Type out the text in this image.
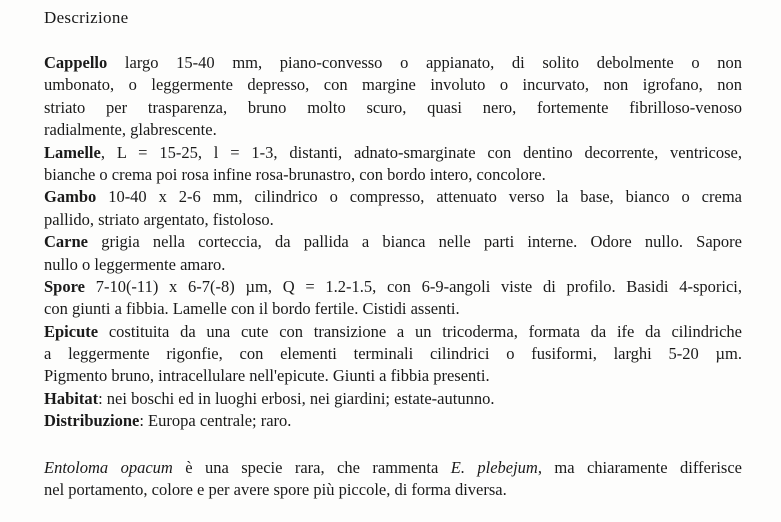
Descrizione

Cappello largo 15-40 mm, piano-convesso o appianato, di solito debolmente o non
umbonato, o leggermente depresso, con margine involuto o incurvato, non igrofano, non
striato per trasparenza, bruno molto scuro, quasi nero, fortemente fibrilloso-venoso
radialmente, glabrescente.

Lamelle, L = 15-25, l = 1-3, distanti, adnato-smarginate con dentino decorrente, ventricose,
bianche o crema poi rosa infine rosa-brunastro, con bordo intero, concolore.

Gambo 10-40 x 2-6 mm, cilindrico o compresso, attenuato verso la base, bianco o crema
pallido, striato argentato, fistoloso.

Carne grigia nella corteccia, da pallida a bianca nelle parti interne. Odore nullo. Sapore
nullo o leggermente amaro.

Spore 7-10(-11) x 6-7(-8) µm, Q = 1.2-1.5, con 6-9-angoli viste di profilo. Basidi 4-sporici,
con giunti a fibbia. Lamelle con il bordo fertile. Cistidi assenti.

Epicute costituita da una cute con transizione a un tricoderma, formata da ife da cilindriche
a leggermente rigonfie, con elementi terminali cilindrici o fusiformi, larghi 5-20 µm.
Pigmento bruno, intracellulare nell'epicute. Giunti a fibbia presenti.

Habitat: nei boschi ed in luoghi erbosi, nei giardini; estate-autunno.

Distribuzione: Europa centrale; raro.

Entoloma opacum è una specie rara, che rammenta E. plebejum, ma chiaramente differisce
nel portamento, colore e per avere spore più piccole, di forma diversa.
